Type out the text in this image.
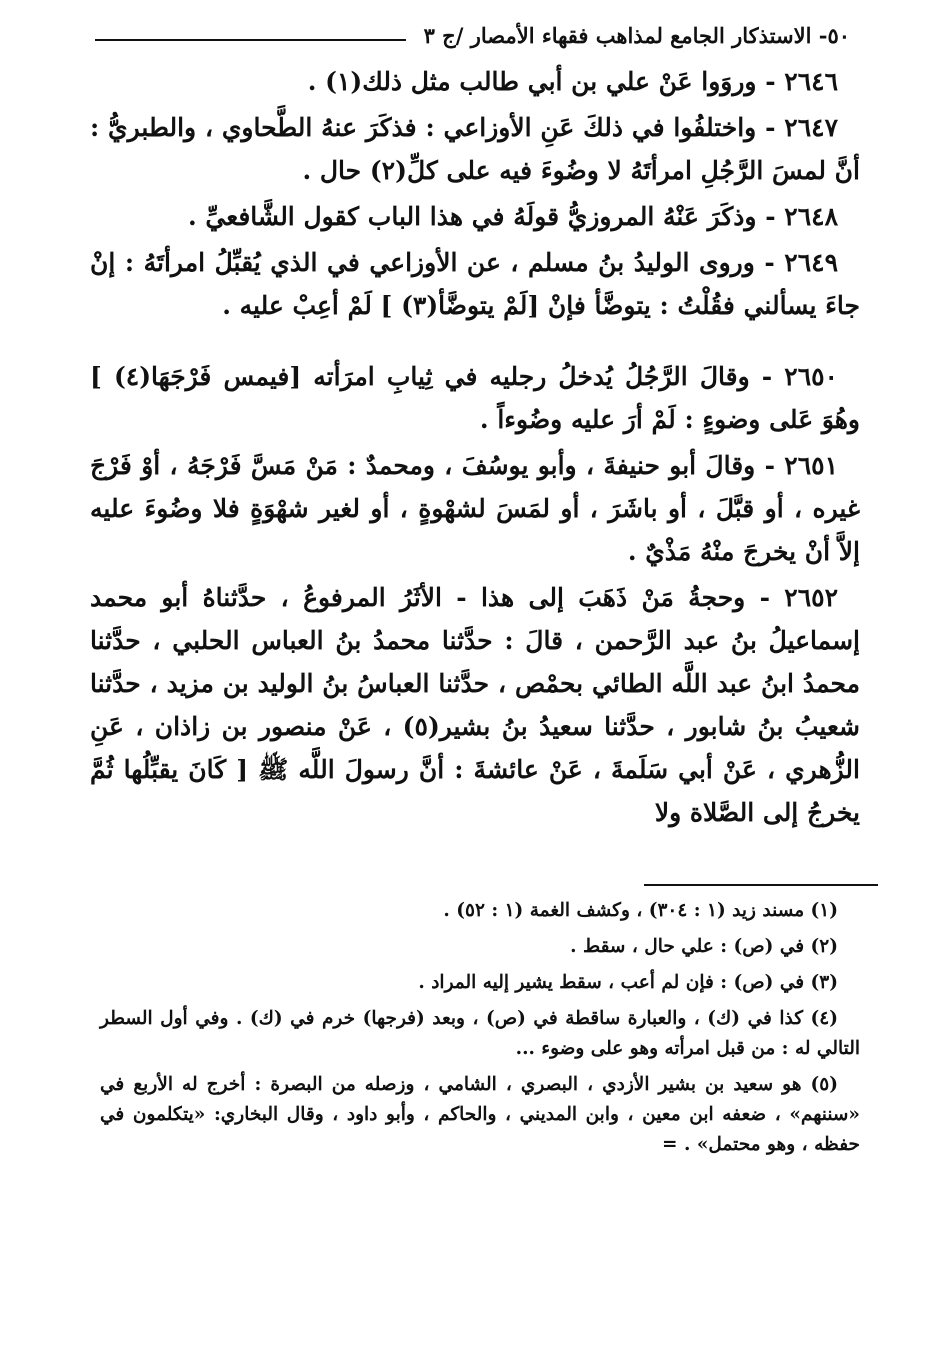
٥٠- الاستذكار الجامع لمذاهب فقهاء الأمصار /ج ٣

٢٦٤٦ - وروَوا عَنْ علي بن أبي طالب مثل ذلك(١) .

٢٦٤٧ - واختلفُوا في ذلكَ عَنِ الأوزاعي : فذكَرَ عنهُ الطَّحاوي ، والطبريُّ : أنَّ لمسَ الرَّجُلِ امرأتَهُ لا وضُوءَ فيه على كلِّ(٢) حال .

٢٦٤٨ - وذكَرَ عَنْهُ المروزيُّ قولَهُ في هذا الباب كقول الشَّافعيِّ .

٢٦٤٩ - وروى الوليدُ بنُ مسلم ، عن الأوزاعي في الذي يُقبِّلُ امرأتَهُ : إنْ جاءَ يسألني فقُلْتُ : يتوضَّأ فإنْ [لَمْ يتوضَّأ(٣) ] لَمْ أعِبْ عليه .

٢٦٥٠ - وقالَ الرَّجُلُ يُدخلُ رجليه في ثِيابِ امرَأته [فيمس فَرْجَهَا(٤) ] وهُوَ عَلى وضوءٍ : لَمْ أرَ عليه وضُوءاً .

٢٦٥١ - وقالَ أبو حنيفةَ ، وأبو يوسُفَ ، ومحمدٌ : مَنْ مَسَّ فَرْجَهُ ، أوْ فَرْجَ غيره ، أو قبَّلَ ، أو باشَرَ ، أو لمَسَ لشهْوةٍ ، أو لغير شهْوَةٍ فلا وضُوءَ عليه إلاَّ أنْ يخرجَ منْهُ مَذْيٌ .

٢٦٥٢ - وحجةُ مَنْ ذَهَبَ إلى هذا - الأثَرُ المرفوعُ ، حدَّثناهُ أبو محمد إسماعيلُ بنُ عبد الرَّحمن ، قالَ : حدَّثنا محمدُ بنُ العباس الحلبي ، حدَّثنا محمدُ ابنُ عبد اللَّه الطائي بحمْص ، حدَّثنا العباسُ بنُ الوليد بن مزيد ، حدَّثنا شعيبُ بنُ شابور ، حدَّثنا سعيدُ بنُ بشير(٥) ، عَنْ منصور بن زاذان ، عَنِ الزُّهري ، عَنْ أبي سَلَمةَ ، عَنْ عائشةَ : أنَّ رسولَ اللَّه ﷺ [ كَانَ يقبِّلُها ثُمَّ يخرجُ إلى الصَّلاة ولا

(١) مسند زيد (١ : ٣٠٤) ، وكشف الغمة (١ : ٥٢) .

(٢) في (ص) : علي حال ، سقط .

(٣) في (ص) : فإن لم أعب ، سقط يشير إليه المراد .

(٤) كذا في (ك) ، والعبارة ساقطة في (ص) ، وبعد (فرجها) خرم في (ك) . وفي أول السطر التالي له : من قبل امرأته وهو على وضوء ...

(٥) هو سعيد بن بشير الأزدي ، البصري ، الشامي ، وزصله من البصرة : أخرج له الأربع في «سننهم» ، ضعفه ابن معين ، وابن المديني ، والحاكم ، وأبو داود ، وقال البخاري: «يتكلمون في حفظه ، وهو محتمل» . =
